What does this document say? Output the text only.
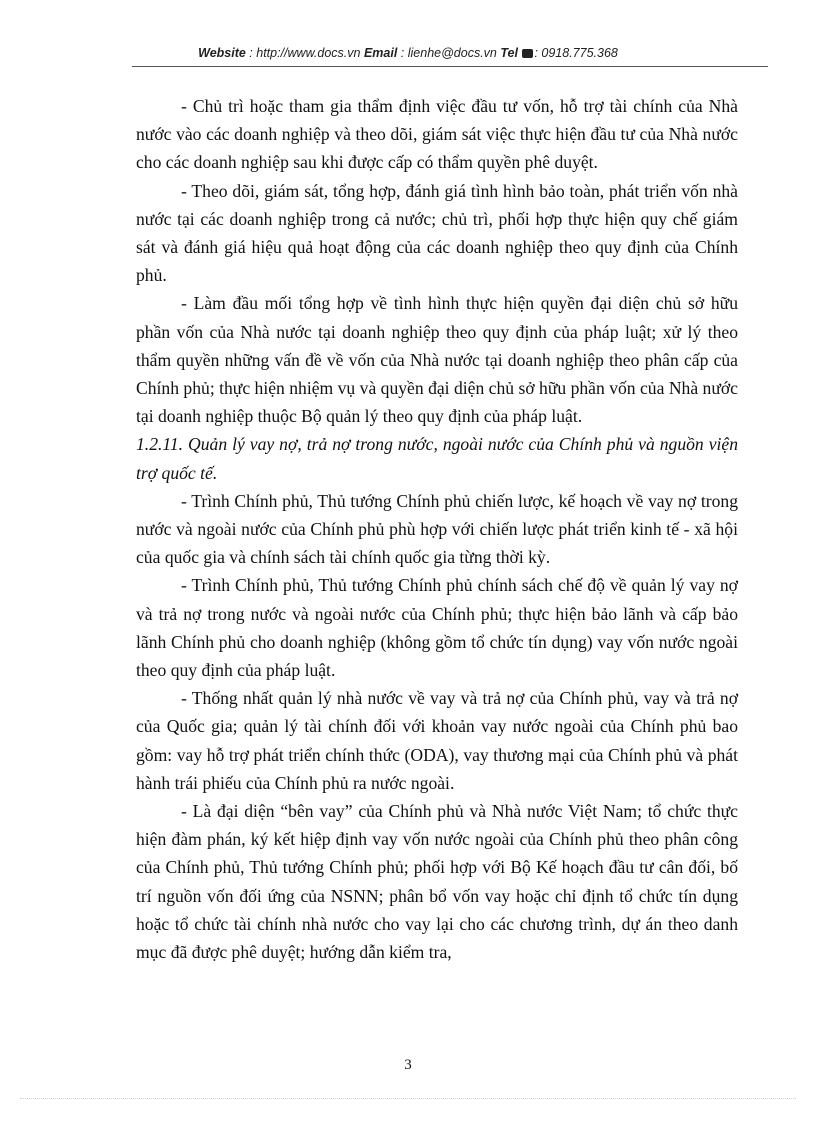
Website : http://www.docs.vn Email : lienhe@docs.vn Tel : 0918.775.368

- Chủ trì hoặc tham gia thẩm định việc đầu tư vốn, hỗ trợ tài chính của Nhà nước vào các doanh nghiệp và theo dõi, giám sát việc thực hiện đầu tư của Nhà nước cho các doanh nghiệp sau khi được cấp có thẩm quyền phê duyệt.

- Theo dõi, giám sát, tổng hợp, đánh giá tình hình bảo toàn, phát triển vốn nhà nước tại các doanh nghiệp trong cả nước; chủ trì, phối hợp thực hiện quy chế giám sát và đánh giá hiệu quả hoạt động của các doanh nghiệp theo quy định của Chính phủ.

- Làm đầu mối tổng hợp về tình hình thực hiện quyền đại diện chủ sở hữu phần vốn của Nhà nước tại doanh nghiệp theo quy định của pháp luật; xử lý theo thẩm quyền những vấn đề về vốn của Nhà nước tại doanh nghiệp theo phân cấp của Chính phủ; thực hiện nhiệm vụ và quyền đại diện chủ sở hữu phần vốn của Nhà nước tại doanh nghiệp thuộc Bộ quản lý theo quy định của pháp luật.

1.2.11. Quản lý vay nợ, trả nợ trong nước, ngoài nước của Chính phủ và nguồn viện trợ quốc tế.

- Trình Chính phủ, Thủ tướng Chính phủ chiến lược, kế hoạch về vay nợ trong nước và ngoài nước của Chính phủ phù hợp với chiến lược phát triển kinh tế - xã hội của quốc gia và chính sách tài chính quốc gia từng thời kỳ.

- Trình Chính phủ, Thủ tướng Chính phủ chính sách chế độ về quản lý vay nợ và trả nợ trong nước và ngoài nước của Chính phủ; thực hiện bảo lãnh và cấp bảo lãnh Chính phủ cho doanh nghiệp (không gồm tổ chức tín dụng) vay vốn nước ngoài theo quy định của pháp luật.

- Thống nhất quản lý nhà nước về vay và trả nợ của Chính phủ, vay và trả nợ của Quốc gia; quản lý tài chính đối với khoản vay nước ngoài của Chính phủ bao gồm: vay hỗ trợ phát triển chính thức (ODA), vay thương mại của Chính phủ và phát hành trái phiếu của Chính phủ ra nước ngoài.

- Là đại diện “bên vay” của Chính phủ và Nhà nước Việt Nam; tổ chức thực hiện đàm phán, ký kết hiệp định vay vốn nước ngoài của Chính phủ theo phân công của Chính phủ, Thủ tướng Chính phủ; phối hợp với Bộ Kế hoạch đầu tư cân đối, bố trí nguồn vốn đối ứng của NSNN; phân bổ vốn vay hoặc chỉ định tổ chức tín dụng hoặc tổ chức tài chính nhà nước cho vay lại cho các chương trình, dự án theo danh mục đã được phê duyệt; hướng dẫn kiểm tra,

3
